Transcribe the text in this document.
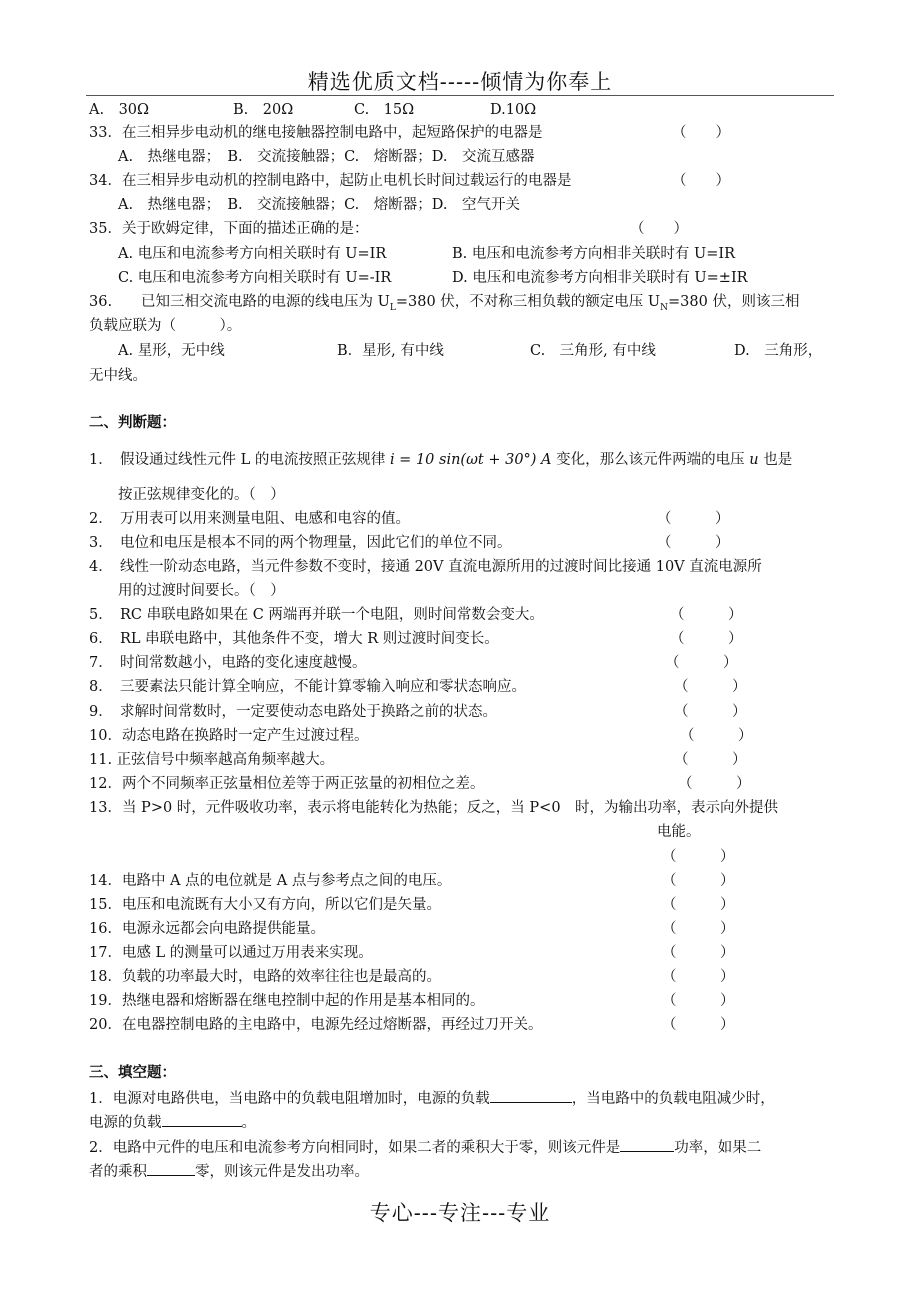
精选优质文档-----倾情为你奉上
A.　30Ω	B.　20Ω	C.　15Ω	D.10Ω
33．在三相异步电动机的继电接触器控制电路中，起短路保护的电器是	（　　）
A.　热继电器；　B.　交流接触器；C.　熔断器；D.　交流互感器
34．在三相异步电动机的控制电路中，起防止电机长时间过载运行的电器是	（　　）
A.　热继电器；　B.　交流接触器；C.　熔断器；D.　空气开关
35．关于欧姆定律，下面的描述正确的是：	（　　）
A. 电压和电流参考方向相关联时有 U=IR	B. 电压和电流参考方向相非关联时有 U=IR
C. 电压和电流参考方向相关联时有 U=-IR	D. 电压和电流参考方向相非关联时有 U=±IR
36.　　已知三相交流电路的电源的线电压为 $U_L=380$ 伏，不对称三相负载的额定电压 $U_N=380$ 伏，则该三相
负载应联为（　　　）。
A. 星形，无中线	B．星形, 有中线	C.　三角形, 有中线	D.　三角形，
无中线。
二、判断题：
1．　假设通过线性元件 L 的电流按照正弦规律 i = 10 sin(ωt + 30°) A 变化，那么该元件两端的电压 u 也是
按正弦规律变化的。（　）
2．　万用表可以用来测量电阻、电感和电容的值。	（　　　）
3．　电位和电压是根本不同的两个物理量，因此它们的单位不同。	（　　　）
4．　线性一阶动态电路，当元件参数不变时，接通 20V 直流电源所用的过渡时间比接通 10V 直流电源所
用的过渡时间要长。（　）
5．　RC 串联电路如果在 C 两端再并联一个电阻，则时间常数会变大。	（　　　）
6．　RL 串联电路中，其他条件不变，增大 R 则过渡时间变长。	（　　　）
7．　时间常数越小，电路的变化速度越慢。	（　　　）
8．　三要素法只能计算全响应，不能计算零输入响应和零状态响应。	（　　　）
9．　求解时间常数时，一定要使动态电路处于换路之前的状态。	（　　　）
10．动态电路在换路时一定产生过渡过程。	（　　　）
11. 正弦信号中频率越高角频率越大。	（　　　）
12．两个不同频率正弦量相位差等于两正弦量的初相位之差。	（　　　）
13．当 P>0 时，元件吸收功率，表示将电能转化为热能；反之，当 P<0　时，为输出功率，表示向外提供
电能。
（　　　）
14．电路中 A 点的电位就是 A 点与参考点之间的电压。	（　　　）
15．电压和电流既有大小又有方向，所以它们是矢量。	（　　　）
16．电源永远都会向电路提供能量。	（　　　）
17．电感 L 的测量可以通过万用表来实现。	（　　　）
18．负载的功率最大时，电路的效率往往也是最高的。	（　　　）
19．热继电器和熔断器在继电控制中起的作用是基本相同的。	（　　　）
20．在电器控制电路的主电路中，电源先经过熔断器，再经过刀开关。	（　　　）
三、填空题：
1．电源对电路供电，当电路中的负载电阻增加时，电源的负载	，当电路中的负载电阻减少时，
电源的负载	。
2．电路中元件的电压和电流参考方向相同时，如果二者的乘积大于零，则该元件是	功率，如果二
者的乘积	零，则该元件是发出功率。
专心---专注---专业
